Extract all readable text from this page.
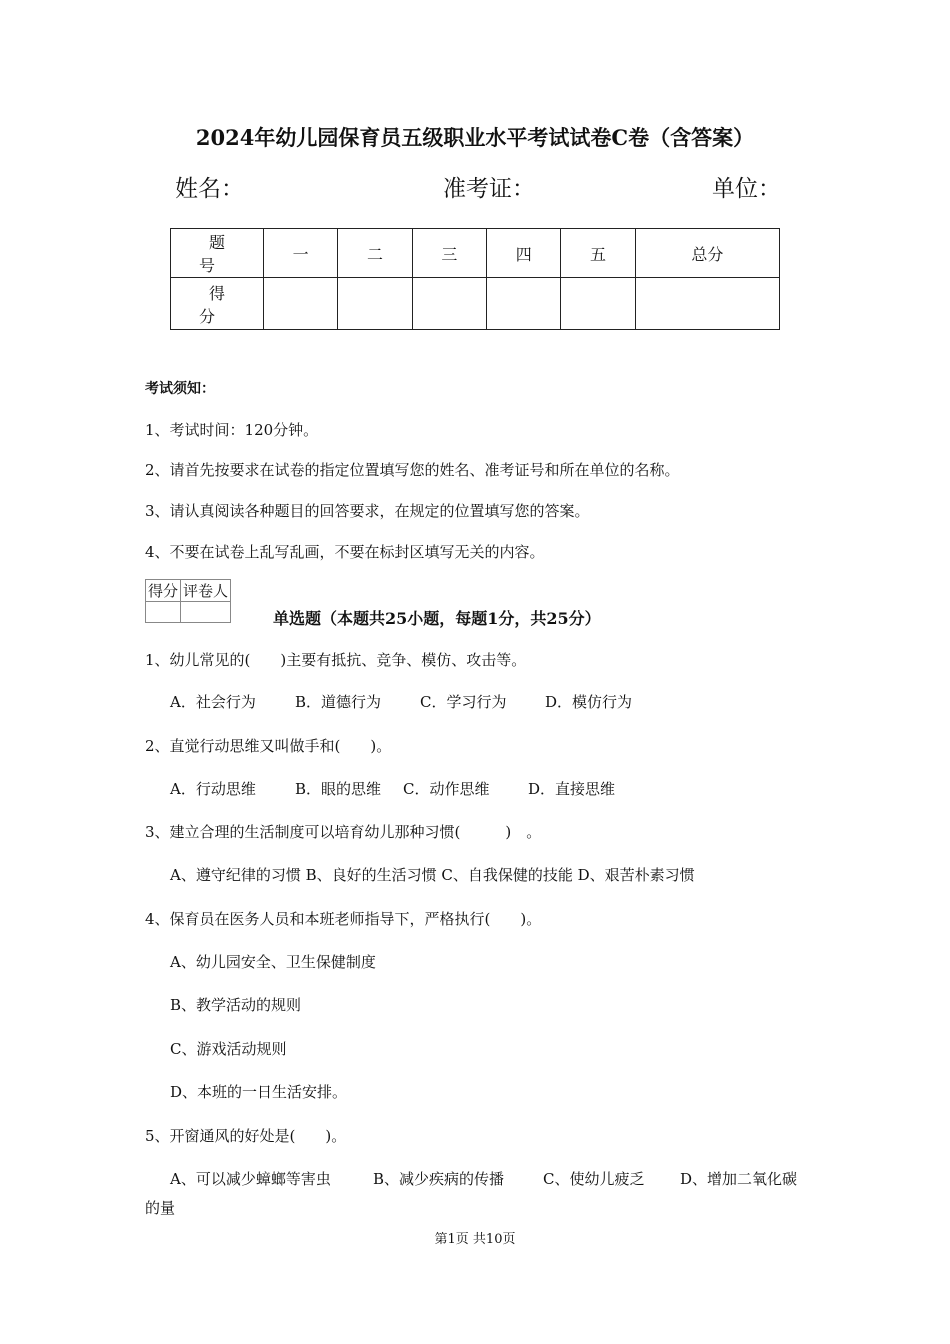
2024年幼儿园保育员五级职业水平考试试卷C卷（含答案）
姓名：	准考证：	单位：
题　号	一	二	三	四	五	总分
得　分						
考试须知：
1、考试时间：120分钟。
2、请首先按要求在试卷的指定位置填写您的姓名、准考证号和所在单位的名称。
3、请认真阅读各种题目的回答要求，在规定的位置填写您的答案。
4、不要在试卷上乱写乱画，不要在标封区填写无关的内容。
得分	评卷人

单选题（本题共25小题，每题1分，共25分）
1、幼儿常见的(　　)主要有抵抗、竞争、模仿、攻击等。
A．社会行为	B．道德行为	C．学习行为	D．模仿行为
2、直觉行动思维又叫做手和(　　)。
A．行动思维	B．眼的思维 C．动作思维	D．直接思维
3、建立合理的生活制度可以培育幼儿那种习惯(　　　)　。
A、遵守纪律的习惯 B、良好的生活习惯 C、自我保健的技能 D、艰苦朴素习惯
4、保育员在医务人员和本班老师指导下，严格执行(　　)。
A、幼儿园安全、卫生保健制度
B、教学活动的规则
C、游戏活动规则
D、本班的一日生活安排。
5、开窗通风的好处是(　　)。
A、可以减少蟑螂等害虫	B、减少疾病的传播	C、使幼儿疲乏 D、增加二氧化碳
的量
第1页 共10页
